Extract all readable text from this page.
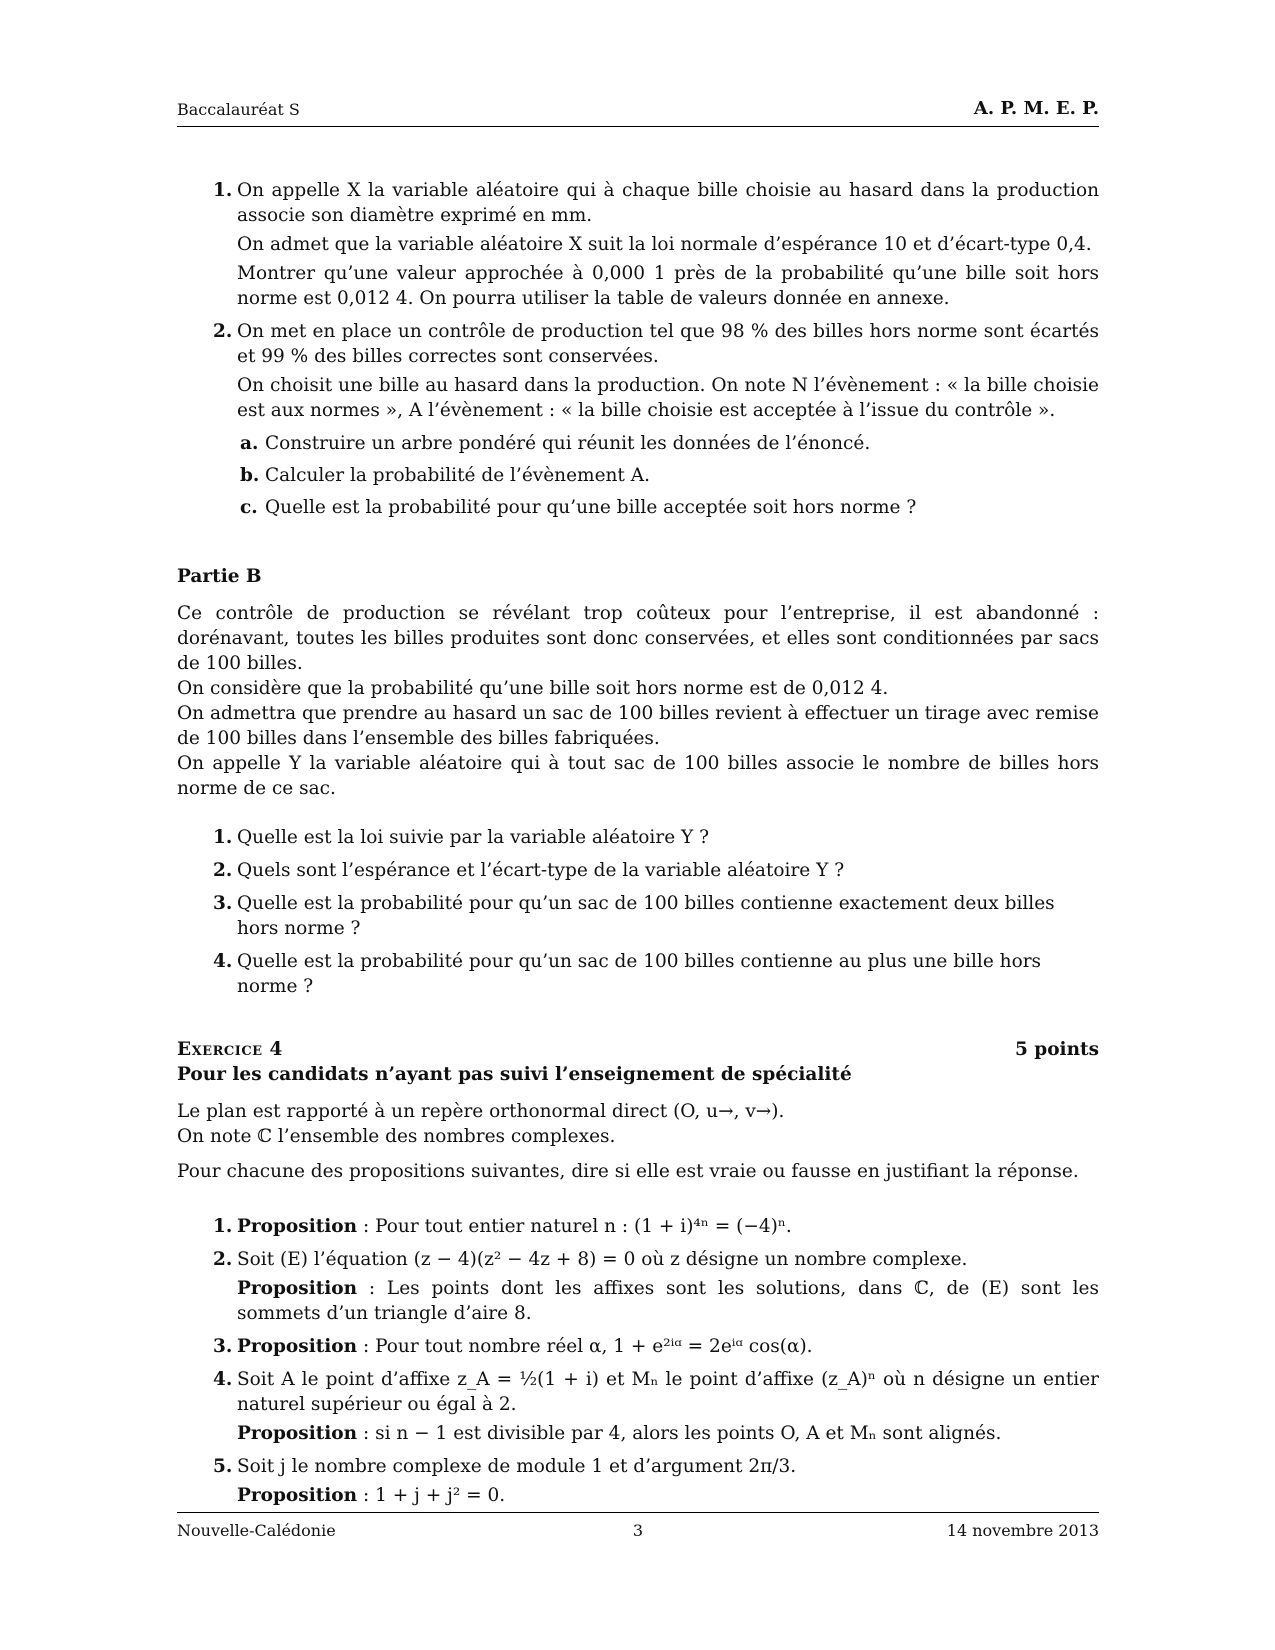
Baccalauréat S	A. P. M. E. P.
1. On appelle X la variable aléatoire qui à chaque bille choisie au hasard dans la production associe son diamètre exprimé en mm.

On admet que la variable aléatoire X suit la loi normale d’espérance 10 et d’écart-type 0,4.

Montrer qu’une valeur approchée à 0,000 1 près de la probabilité qu’une bille soit hors norme est 0,012 4. On pourra utiliser la table de valeurs donnée en annexe.

2. On met en place un contrôle de production tel que 98 % des billes hors norme sont écartés et 99 % des billes correctes sont conservées.

On choisit une bille au hasard dans la production. On note N l’évènement : « la bille choisie est aux normes », A l’évènement : « la bille choisie est acceptée à l’issue du contrôle ».

a. Construire un arbre pondéré qui réunit les données de l’énoncé.
b. Calculer la probabilité de l’évènement A.
c. Quelle est la probabilité pour qu’une bille acceptée soit hors norme ?
Partie B

Ce contrôle de production se révélant trop coûteux pour l’entreprise, il est abandonné : dorénavant, toutes les billes produites sont donc conservées, et elles sont conditionnées par sacs de 100 billes.

On considère que la probabilité qu’une bille soit hors norme est de 0,012 4.

On admettra que prendre au hasard un sac de 100 billes revient à effectuer un tirage avec remise de 100 billes dans l’ensemble des billes fabriquées.

On appelle Y la variable aléatoire qui à tout sac de 100 billes associe le nombre de billes hors norme de ce sac.

1. Quelle est la loi suivie par la variable aléatoire Y ?
2. Quels sont l’espérance et l’écart-type de la variable aléatoire Y ?
3. Quelle est la probabilité pour qu’un sac de 100 billes contienne exactement deux billes hors norme ?
4. Quelle est la probabilité pour qu’un sac de 100 billes contienne au plus une bille hors norme ?
Exercice 4	5 points
Pour les candidats n’ayant pas suivi l’enseignement de spécialité

Le plan est rapporté à un repère orthonormal direct (O, u→, v→).

On note ℂ l’ensemble des nombres complexes.

Pour chacune des propositions suivantes, dire si elle est vraie ou fausse en justifiant la réponse.

1. Proposition : Pour tout entier naturel n : (1 + i)⁴ⁿ = (−4)ⁿ.

2. Soit (E) l’équation (z − 4)(z² − 4z + 8) = 0 où z désigne un nombre complexe.

Proposition : Les points dont les affixes sont les solutions, dans ℂ, de (E) sont les sommets d’un triangle d’aire 8.

3. Proposition : Pour tout nombre réel α, 1 + e²ⁱᵅ = 2eⁱᵅ cos(α).

4. Soit A le point d’affixe z_A = ½(1 + i) et Mₙ le point d’affixe (z_A)ⁿ où n désigne un entier naturel supérieur ou égal à 2.

Proposition : si n − 1 est divisible par 4, alors les points O, A et Mₙ sont alignés.

5. Soit j le nombre complexe de module 1 et d’argument 2π/3.

Proposition : 1 + j + j² = 0.

Nouvelle-Calédonie	3	14 novembre 2013
